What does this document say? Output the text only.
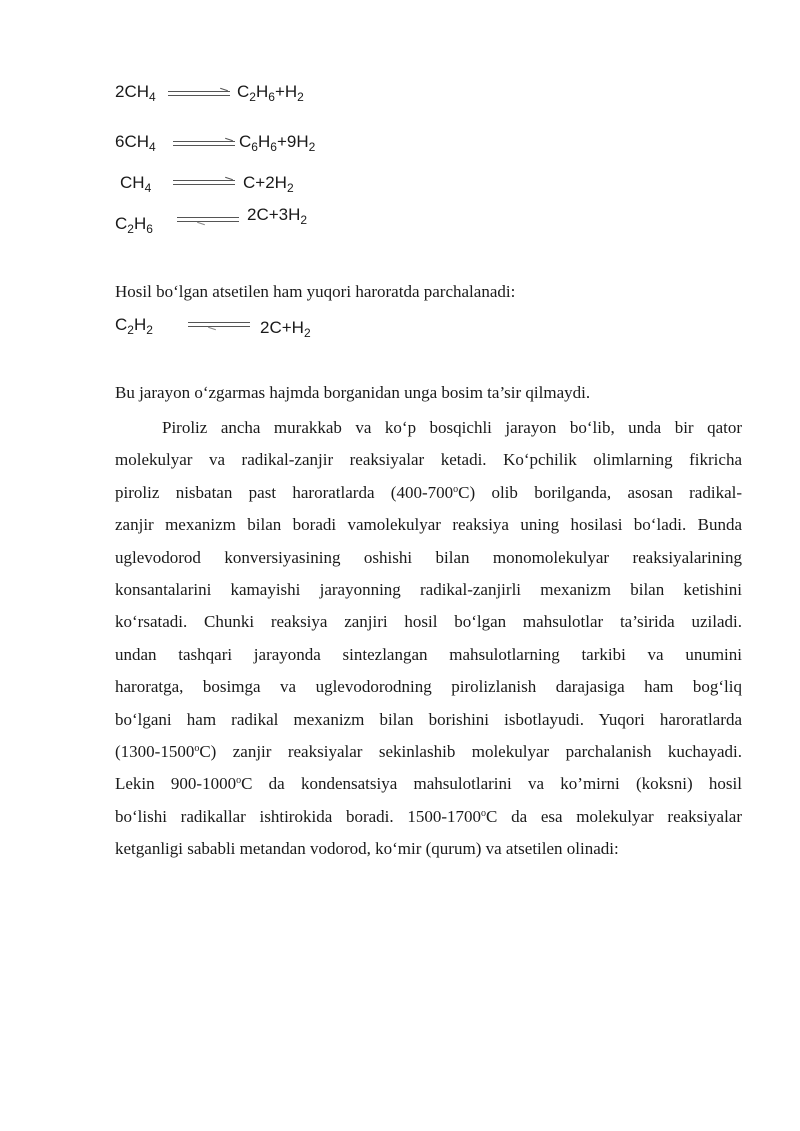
$2CH_4$	$C_2H_6+H_2$
$6CH_4$	$C_6H_6+9H_2$
$CH_4$	$C+2H_2$
$C_2H_6$
$2C+3H_2$
Hosil bo‘lgan atsetilen ham yuqori haroratda parchalanadi:
$C_2H_2$	$2C+H_2$
Bu jarayon o‘zgarmas hajmda borganidan unga bosim ta’sir qilmaydi.
Piroliz ancha murakkab va ko‘p bosqichli jarayon bo‘lib, unda bir qator
molekulyar va radikal-zanjir reaksiyalar ketadi. Ko‘pchilik olimlarning fikricha
piroliz nisbatan past haroratlarda (400-700$^o$C) olib borilganda, asosan radikal-
zanjir mexanizm bilan boradi vamolekulyar reaksiya uning hosilasi bo‘ladi. Bunda
uglevodorod konversiyasining oshishi bilan monomolekulyar reaksiyalarining
konsantalarini kamayishi jarayonning radikal-zanjirli mexanizm bilan ketishini
ko‘rsatadi. Chunki reaksiya zanjiri hosil bo‘lgan mahsulotlar ta’sirida uziladi.
undan tashqari jarayonda sintezlangan mahsulotlarning tarkibi va unumini
haroratga, bosimga va uglevodorodning pirolizlanish darajasiga ham bog‘liq
bo‘lgani ham radikal mexanizm bilan borishini isbotlayudi. Yuqori haroratlarda
(1300-1500$^o$C) zanjir reaksiyalar sekinlashib molekulyar parchalanish kuchayadi.
Lekin 900-1000$^o$C da kondensatsiya mahsulotlarini va ko’mirni (koksni) hosil
bo‘lishi radikallar ishtirokida boradi. 1500-1700$^o$C da esa molekulyar reaksiyalar
ketganligi sababli metandan vodorod, ko‘mir (qurum) va atsetilen olinadi:
